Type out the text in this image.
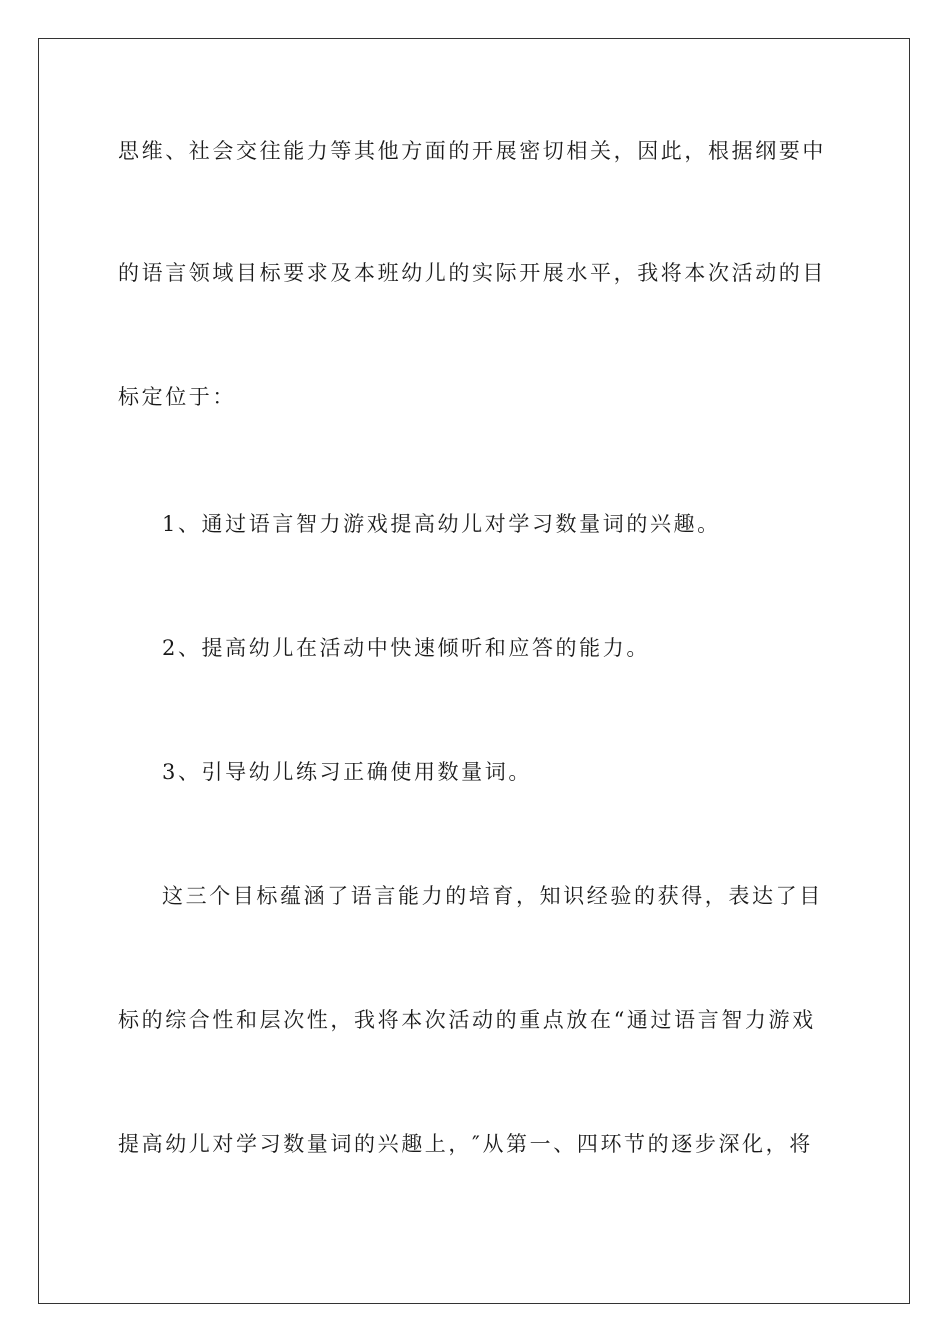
思维、社会交往能力等其他方面的开展密切相关，因此，根据纲要中
的语言领域目标要求及本班幼儿的实际开展水平，我将本次活动的目
标定位于：
1、通过语言智力游戏提高幼儿对学习数量词的兴趣。
2、提高幼儿在活动中快速倾听和应答的能力。
3、引导幼儿练习正确使用数量词。
这三个目标蕴涵了语言能力的培育，知识经验的获得，表达了目
标的综合性和层次性，我将本次活动的重点放在“通过语言智力游戏
提高幼儿对学习数量词的兴趣上，″从第一、四环节的逐步深化，将
